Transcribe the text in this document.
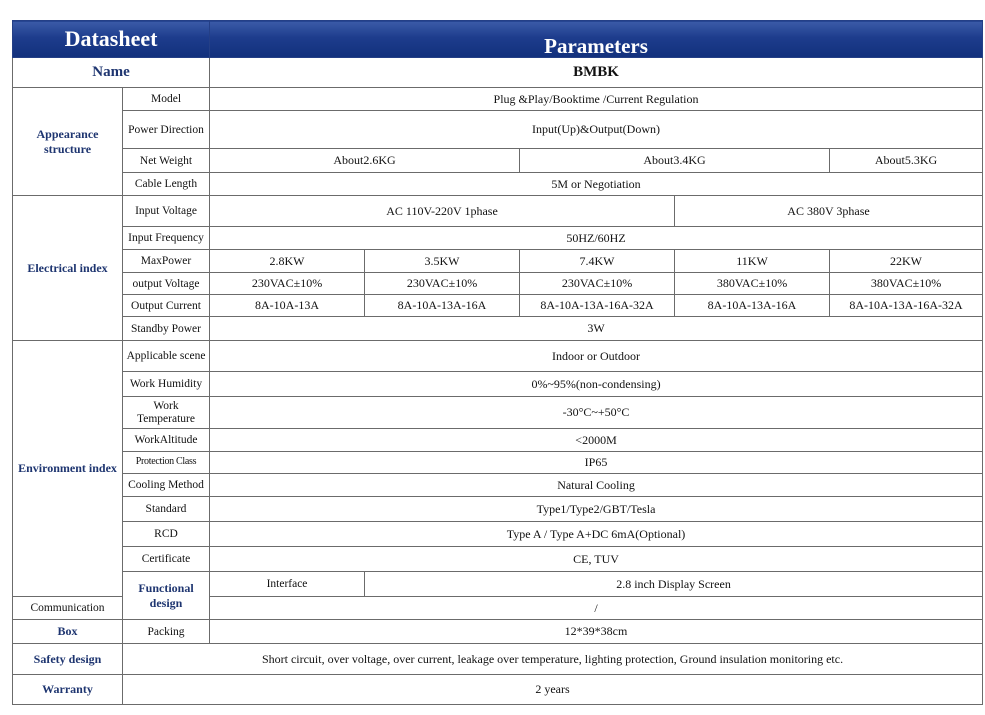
Datasheet		Parameters				
Name		BMBK				
Appearance structure	Model	Plug &Play/Booktime /Current Regulation				
	Power Direction	Input(Up)&Output(Down)				
	Net Weight	About2.6KG		About3.4KG		About5.3KG
	Cable Length	5M or Negotiation				
Electrical index	Input Voltage	AC 110V-220V 1phase			AC 380V 3phase	
	Input Frequency	50HZ/60HZ				
	MaxPower	2.8KW	3.5KW	7.4KW	11KW	22KW
	output Voltage	230VAC±10%	230VAC±10%	230VAC±10%	380VAC±10%	380VAC±10%
	Output Current	8A-10A-13A	8A-10A-13A-16A	8A-10A-13A-16A-32A	8A-10A-13A-16A	8A-10A-13A-16A-32A
	Standby Power	3W				
Environment index	Applicable scene	Indoor or Outdoor				
	Work Humidity	0%~95%(non-condensing)				
	Work Temperature	-30°C~+50°C				
	WorkAltitude	<2000M				
	Protection Class	IP65				
	Cooling Method	Natural Cooling				
	Standard	Type1/Type2/GBT/Tesla				
	RCD	Type A / Type A+DC 6mA(Optional)				
	Certificate	CE, TUV				
	Functional design	Interface	2.8 inch Display Screen			
Communication		/				
Box	Packing	12*39*38cm				
Safety design	Short circuit, over voltage, over current, leakage over temperature, lighting protection, Ground insulation monitoring etc.					
Warranty	2 years					
